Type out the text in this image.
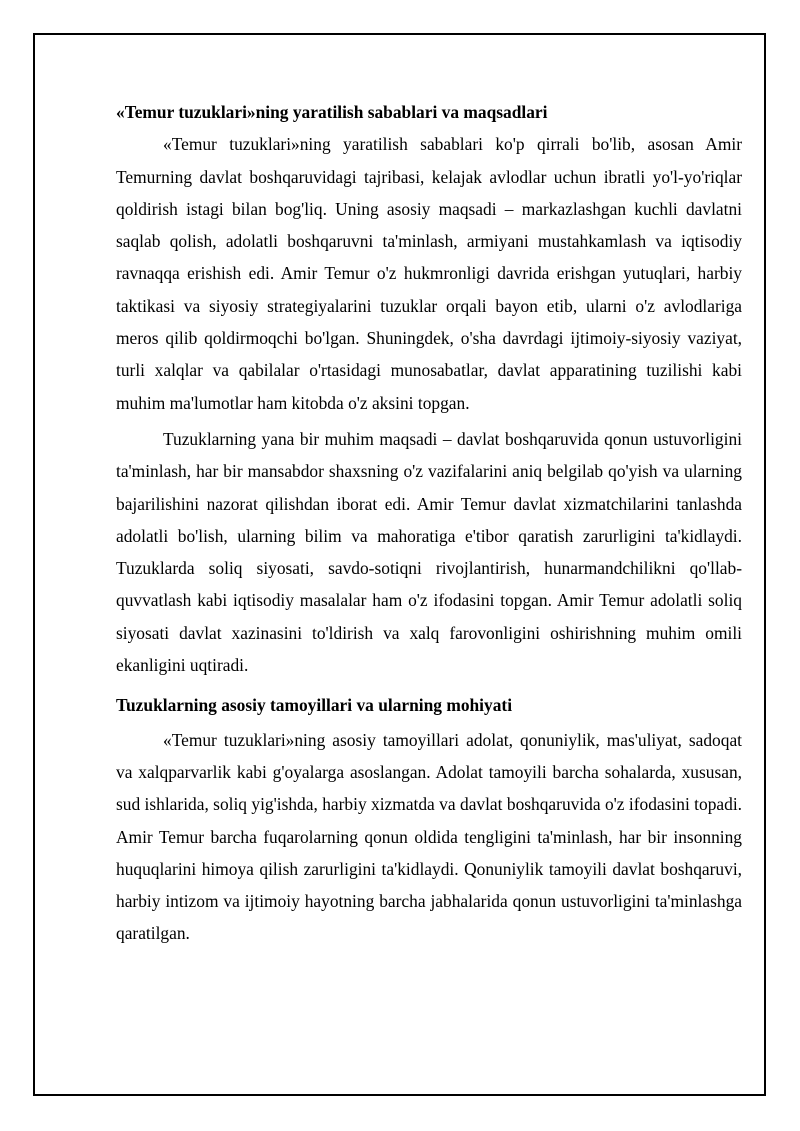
«Temur tuzuklari»ning yaratilish sabablari va maqsadlari

«Temur tuzuklari»ning yaratilish sabablari ko'p qirrali bo'lib, asosan Amir Temurning davlat boshqaruvidagi tajribasi, kelajak avlodlar uchun ibratli yo'l-yo'riqlar qoldirish istagi bilan bog'liq. Uning asosiy maqsadi – markazlashgan kuchli davlatni saqlab qolish, adolatli boshqaruvni ta'minlash, armiyani mustahkamlash va iqtisodiy ravnaqqa erishish edi. Amir Temur o'z hukmronligi davrida erishgan yutuqlari, harbiy taktikasi va siyosiy strategiyalarini tuzuklar orqali bayon etib, ularni o'z avlodlariga meros qilib qoldirmoqchi bo'lgan. Shuningdek, o'sha davrdagi ijtimoiy-siyosiy vaziyat, turli xalqlar va qabilalar o'rtasidagi munosabatlar, davlat apparatining tuzilishi kabi muhim ma'lumotlar ham kitobda o'z aksini topgan.

Tuzuklarning yana bir muhim maqsadi – davlat boshqaruvida qonun ustuvorligini ta'minlash, har bir mansabdor shaxsning o'z vazifalarini aniq belgilab qo'yish va ularning bajarilishini nazorat qilishdan iborat edi. Amir Temur davlat xizmatchilarini tanlashda adolatli bo'lish, ularning bilim va mahoratiga e'tibor qaratish zarurligini ta'kidlaydi. Tuzuklarda soliq siyosati, savdo-sotiqni rivojlantirish, hunarmandchilikni qo'llab-quvvatlash kabi iqtisodiy masalalar ham o'z ifodasini topgan. Amir Temur adolatli soliq siyosati davlat xazinasini to'ldirish va xalq farovonligini oshirishning muhim omili ekanligini uqtiradi.

Tuzuklarning asosiy tamoyillari va ularning mohiyati

«Temur tuzuklari»ning asosiy tamoyillari adolat, qonuniylik, mas'uliyat, sadoqat va xalqparvarlik kabi g'oyalarga asoslangan. Adolat tamoyili barcha sohalarda, xususan, sud ishlarida, soliq yig'ishda, harbiy xizmatda va davlat boshqaruvida o'z ifodasini topadi. Amir Temur barcha fuqarolarning qonun oldida tengligini ta'minlash, har bir insonning huquqlarini himoya qilish zarurligini ta'kidlaydi. Qonuniylik tamoyili davlat boshqaruvi, harbiy intizom va ijtimoiy hayotning barcha jabhalarida qonun ustuvorligini ta'minlashga qaratilgan.
